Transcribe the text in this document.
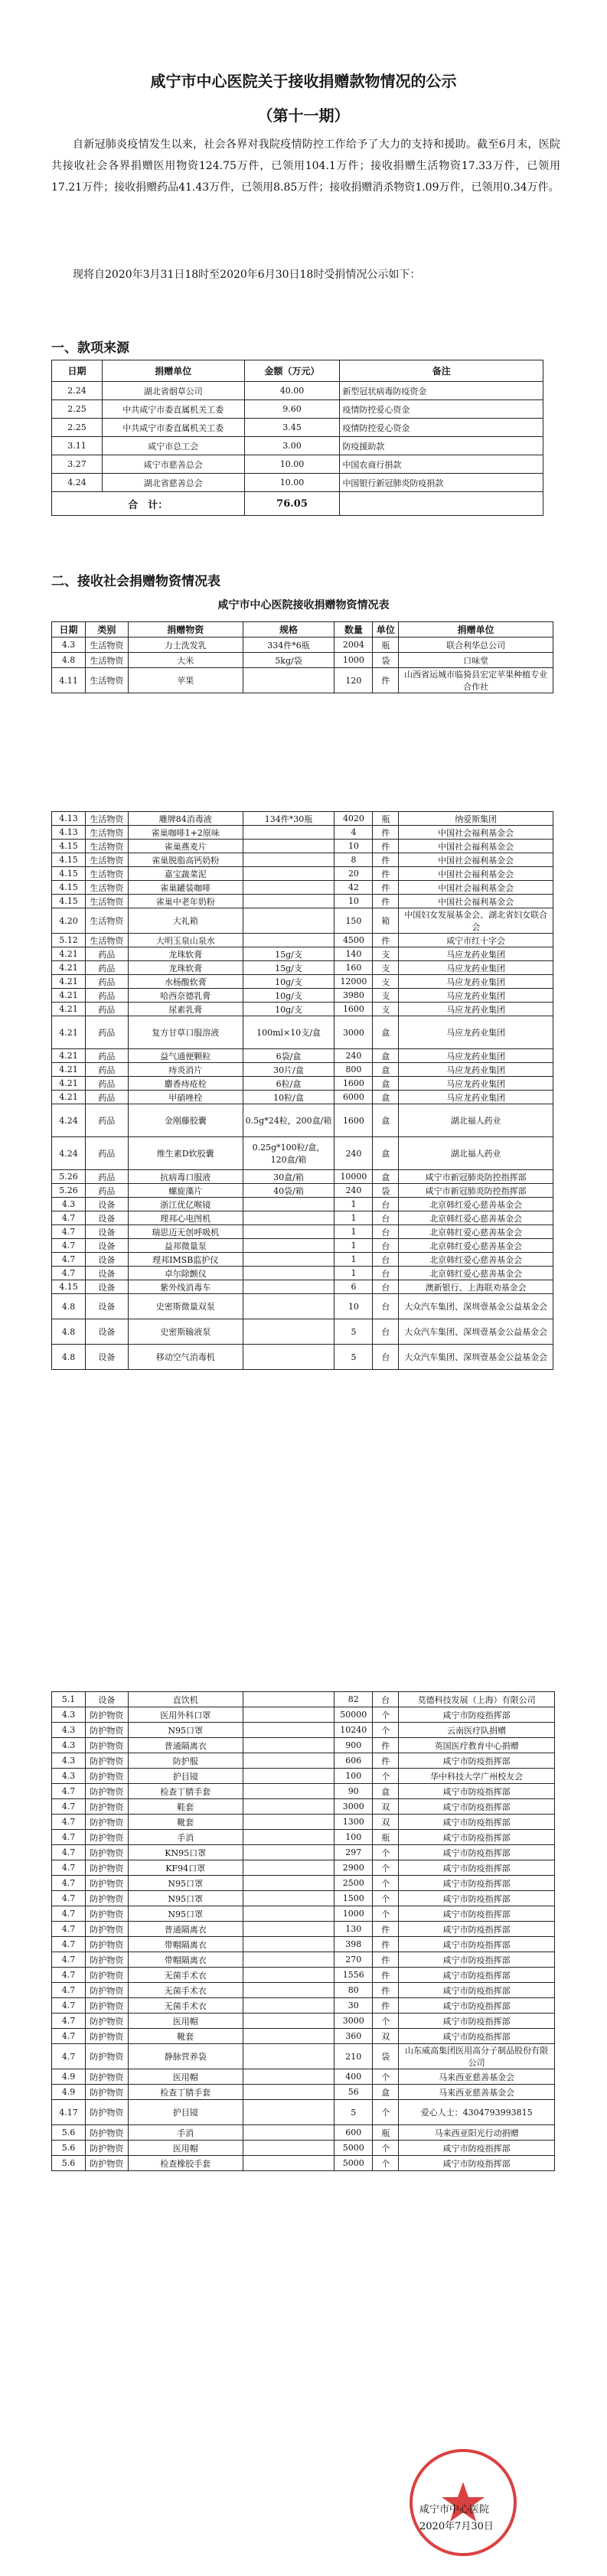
咸宁市中心医院关于接收捐赠款物情况的公示
（第十一期）
自新冠肺炎疫情发生以来，社会各界对我院疫情防控工作给予了大力的支持和援助。截至6月末，医院共接收社会各界捐赠医用物资124.75万件，已领用104.1万件；接收捐赠生活物资17.33万件，已领用17.21万件；接收捐赠药品41.43万件，已领用8.85万件；接收捐赠消杀物资1.09万件，已领用0.34万件。
现将自2020年3月31日18时至2020年6月30日18时受捐情况公示如下：
一、款项来源
日期	捐赠单位	金额（万元）	备注
2.24	湖北省烟草公司	40.00	新型冠状病毒防疫资金
2.25	中共咸宁市委直属机关工委	9.60	疫情防控爱心资金
2.25	中共咸宁市委直属机关工委	3.45	疫情防控爱心资金
3.11	咸宁市总工会	3.00	防疫援助款
3.27	咸宁市慈善总会	10.00	中国农商行捐款
4.24	湖北省慈善总会	10.00	中国银行新冠肺炎防疫捐款
合　计：		76.05	
二、接收社会捐赠物资情况表
咸宁市中心医院接收捐赠物资情况表
日期	类别	捐赠物资	规格	数量	单位	捐赠单位
4.3	生活物资	力士洗发乳	334件*6瓶	2004	瓶	联合利华总公司
4.8	生活物资	大米	5kg/袋	1000	袋	口味堂
4.11	生活物资	苹果		120	件	山西省运城市临猗县宏定苹果种植专业合作社
4.13	生活物资	雕牌84消毒液	134件*30瓶	4020	瓶	纳爱斯集团
4.13	生活物资	雀巢咖啡1+2原味		4	件	中国社会福利基金会
4.15	生活物资	雀巢燕麦片		10	件	中国社会福利基金会
4.15	生活物资	雀巢脱脂高钙奶粉		8	件	中国社会福利基金会
4.15	生活物资	嘉宝蔬菜泥		20	件	中国社会福利基金会
4.15	生活物资	雀巢罐装咖啡		42	件	中国社会福利基金会
4.15	生活物资	雀巢中老年奶粉		10	件	中国社会福利基金会
4.20	生活物资	大礼箱		150	箱	中国妇女发展基金会、湖北省妇女联合会
5.12	生活物资	大明玉泉山泉水		4500	件	咸宁市红十字会
4.21	药品	龙珠软膏	15g/支	140	支	马应龙药业集团
4.21	药品	龙珠软膏	15g/支	160	支	马应龙药业集团
4.21	药品	水杨酸软膏	10g/支	12000	支	马应龙药业集团
4.21	药品	哈西奈德乳膏	10g/支	3980	支	马应龙药业集团
4.21	药品	尿素乳膏	10g/支	1600	支	马应龙药业集团
4.21	药品	复方甘草口服溶液	100ml×10支/盒	3000	盒	马应龙药业集团
4.21	药品	益气通便颗粒	6袋/盒	240	盒	马应龙药业集团
4.21	药品	痔炎消片	30片/盒	800	盒	马应龙药业集团
4.21	药品	麝香痔疮栓	6粒/盒	1600	盒	马应龙药业集团
4.21	药品	甲硝唑栓	10粒/盒	6000	盒	马应龙药业集团
4.24	药品	金刚藤胶囊	0.5g*24粒，200盒/箱	1600	盒	湖北福人药业
4.24	药品	维生素D软胶囊	0.25g*100粒/盒，120盒/箱	240	盒	湖北福人药业
5.26	药品	抗病毒口服液	30盒/箱	10000	盒	咸宁市新冠肺炎防控指挥部
5.26	药品	螺旋藻片	40袋/箱	240	袋	咸宁市新冠肺炎防控指挥部
4.3	设备	浙江优亿喉镜		1	台	北京韩红爱心慈善基金会
4.7	设备	理邦心电图机		1	台	北京韩红爱心慈善基金会
4.7	设备	瑞思迈无创呼吸机		1	台	北京韩红爱心慈善基金会
4.7	设备	益邦微量泵		1	台	北京韩红爱心慈善基金会
4.7	设备	理邦IMSB监护仪		1	台	北京韩红爱心慈善基金会
4.7	设备	卓尔除颤仪		1	台	北京韩红爱心慈善基金会
4.15	设备	紫外线消毒车		6	台	澳新银行、上海联劝基金会
4.8	设备	史密斯微量双泵		10	台	大众汽车集团、深圳壹基金公益基金会
4.8	设备	史密斯输液泵		5	台	大众汽车集团、深圳壹基金公益基金会
4.8	设备	移动空气消毒机		5	台	大众汽车集团、深圳壹基金公益基金会
5.1	设备	直饮机		82	台	莫德科技发展（上海）有限公司
4.3	防护物资	医用外科口罩		50000	个	咸宁市防疫指挥部
4.3	防护物资	N95口罩		10240	个	云南医疗队捐赠
4.3	防护物资	普通隔离衣		900	件	英国医疗教育中心捐赠
4.3	防护物资	防护服		606	件	咸宁市防疫指挥部
4.3	防护物资	护目镜		100	个	华中科技大学广州校友会
4.7	防护物资	检查丁腈手套		90	盒	咸宁市防疫指挥部
4.7	防护物资	鞋套		3000	双	咸宁市防疫指挥部
4.7	防护物资	靴套		1300	双	咸宁市防疫指挥部
4.7	防护物资	手消		100	瓶	咸宁市防疫指挥部
4.7	防护物资	KN95口罩		297	个	咸宁市防疫指挥部
4.7	防护物资	KF94口罩		2900	个	咸宁市防疫指挥部
4.7	防护物资	N95口罩		2500	个	咸宁市防疫指挥部
4.7	防护物资	N95口罩		1500	个	咸宁市防疫指挥部
4.7	防护物资	N95口罩		1000	个	咸宁市防疫指挥部
4.7	防护物资	普通隔离衣		130	件	咸宁市防疫指挥部
4.7	防护物资	带帽隔离衣		398	件	咸宁市防疫指挥部
4.7	防护物资	带帽隔离衣		270	件	咸宁市防疫指挥部
4.7	防护物资	无菌手术衣		1556	件	咸宁市防疫指挥部
4.7	防护物资	无菌手术衣		80	件	咸宁市防疫指挥部
4.7	防护物资	无菌手术衣		30	件	咸宁市防疫指挥部
4.7	防护物资	医用帽		3000	个	咸宁市防疫指挥部
4.7	防护物资	靴套		360	双	咸宁市防疫指挥部
4.7	防护物资	静脉营养袋		210	袋	山东威高集团医用高分子制品股份有限公司
4.9	防护物资	医用帽		400	个	马来西亚慈善基金会
4.9	防护物资	检查丁腈手套		56	盒	马来西亚慈善基金会
4.17	防护物资	护目镜		5	个	爱心人士：4304793993815
5.6	防护物资	手消		600	瓶	马来西亚阳光行动捐赠
5.6	防护物资	医用帽		5000	个	咸宁市防疫指挥部
5.6	防护物资	检查橡胶手套		5000	个	咸宁市防疫指挥部
咸宁市中心医院
2020年7月30日
